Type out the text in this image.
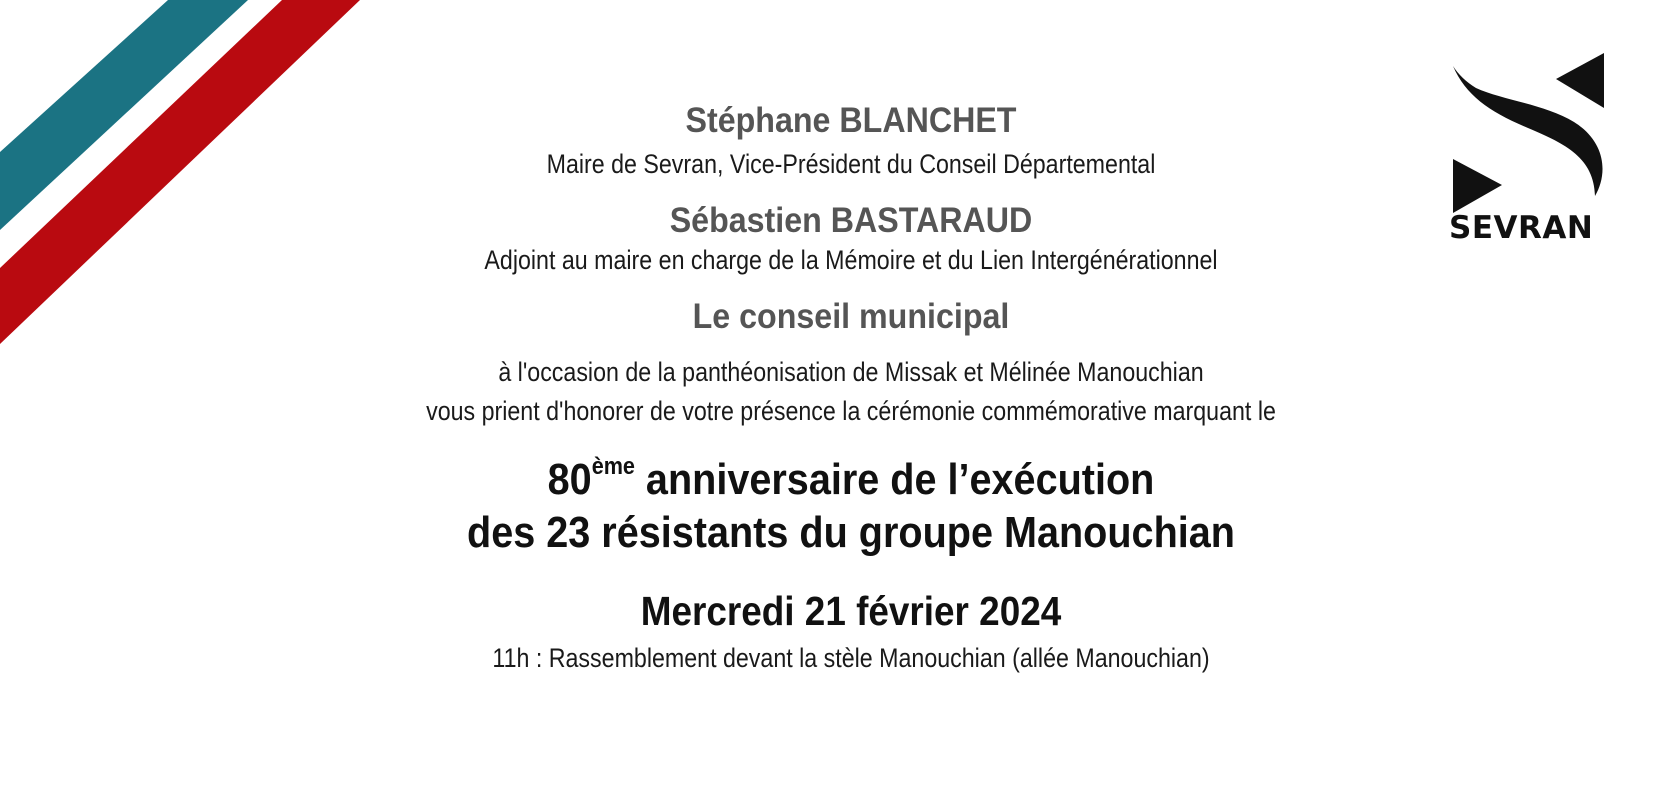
SEVRAN
Stéphane BLANCHET
Maire de Sevran, Vice-Président du Conseil Départemental
Sébastien BASTARAUD
Adjoint au maire en charge de la Mémoire et du Lien Intergénérationnel
Le conseil municipal
à l'occasion de la panthéonisation de Missak et Mélinée Manouchian
vous prient d'honorer de votre présence la cérémonie commémorative marquant le
80ème anniversaire de l’exécution
des 23 résistants du groupe Manouchian
Mercredi 21 février 2024
11h : Rassemblement devant la stèle Manouchian (allée Manouchian)
